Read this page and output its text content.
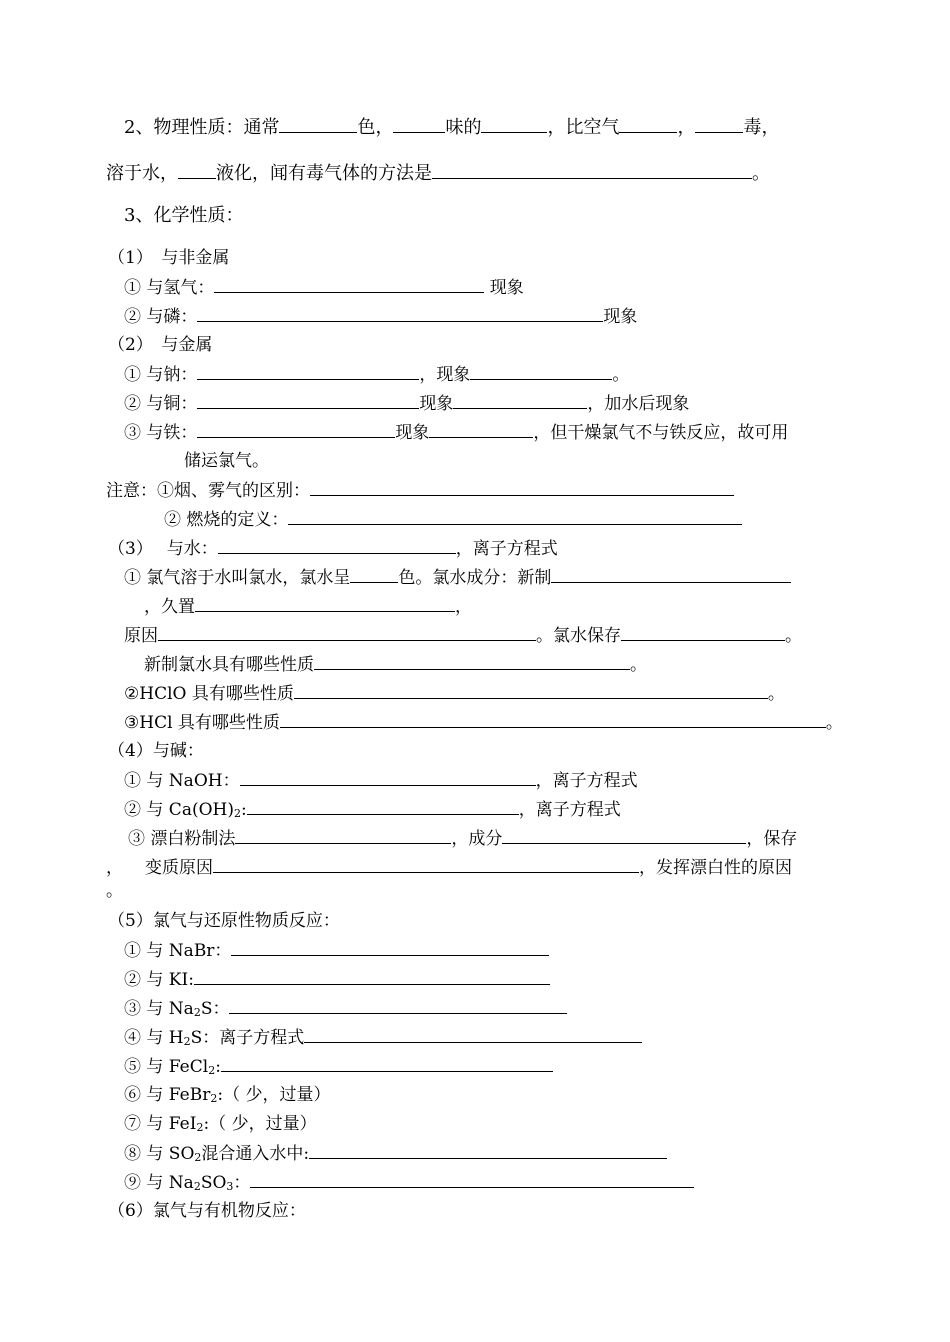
2、物理性质：通常	色，	味的	，比空气	，	毒，
溶于水， 液化，闻有毒气体的方法是	。
3、化学性质：
（1）　与非金属
① 与氢气：	现象
② 与磷：	现象
（2）　与金属
① 与钠：	，现象	。
② 与铜：	现象	，加水后现象
③ 与铁：	现象	，但干燥氯气不与铁反应，故可用
储运氯气。
注意：①烟、雾气的区别：
② 燃烧的定义：
（3）　 与水：	，离子方程式
① 氯气溶于水叫氯水，氯水呈	色。氯水成分：新制
，久置	，
原因	。氯水保存	。
新制氯水具有哪些性质	。
②HClO 具有哪些性质	。
③HCl 具有哪些性质	。
（4）与碱：
① 与 NaOH：	，离子方程式
② 与 $Ca(OH)_2$:	，离子方程式
③ 漂白粉制法	，成分	，保存
， 变质原因	，发挥漂白性的原因
。
（5）氯气与还原性物质反应：
① 与 NaBr：
② 与 KI:
③ 与 $Na_2S$：
④ 与 $H_2S$：离子方程式
⑤ 与 FeCl$_2$:
⑥ 与 FeBr$_2$:（ 少，过量）
⑦ 与 FeI$_2$:（ 少，过量）
⑧ 与 $SO_2$混合通入水中:
⑨ 与 $Na_2SO_3$：
（6）氯气与有机物反应：
